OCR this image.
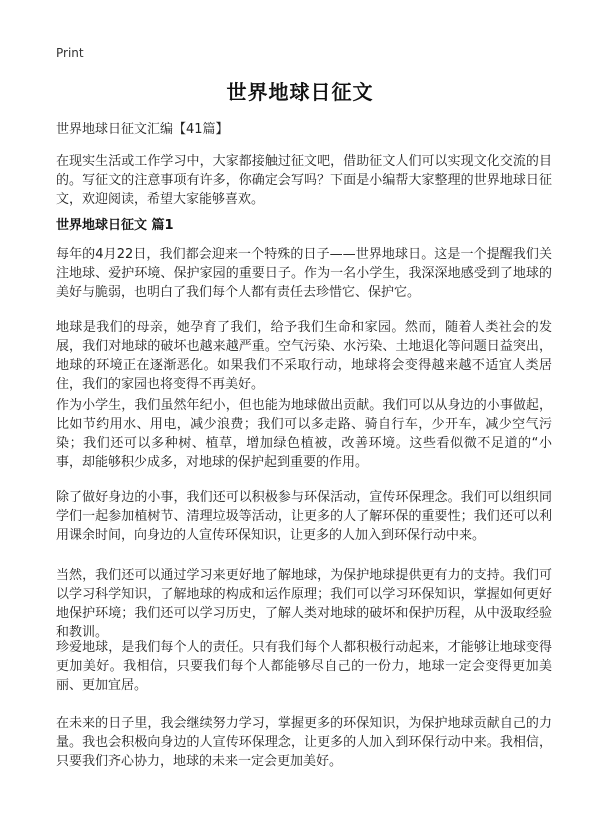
Print
世界地球日征文

世界地球日征文汇编【41篇】

在现实生活或工作学习中，大家都接触过征文吧，借助征文人们可以实现文化交流的目的。写征文的注意事项有许多，你确定会写吗？下面是小编帮大家整理的世界地球日征文，欢迎阅读，希望大家能够喜欢。

世界地球日征文 篇1

每年的4月22日，我们都会迎来一个特殊的日子——世界地球日。这是一个提醒我们关注地球、爱护环境、保护家园的重要日子。作为一名小学生，我深深地感受到了地球的美好与脆弱，也明白了我们每个人都有责任去珍惜它、保护它。

地球是我们的母亲，她孕育了我们，给予我们生命和家园。然而，随着人类社会的发展，我们对地球的破坏也越来越严重。空气污染、水污染、土地退化等问题日益突出，地球的环境正在逐渐恶化。如果我们不采取行动，地球将会变得越来越不适宜人类居住，我们的家园也将变得不再美好。

作为小学生，我们虽然年纪小，但也能为地球做出贡献。我们可以从身边的小事做起，比如节约用水、用电，减少浪费；我们可以多走路、骑自行车，少开车，减少空气污染；我们还可以多种树、植草，增加绿色植被，改善环境。这些看似微不足道的“小事，却能够积少成多，对地球的保护起到重要的作用。

除了做好身边的小事，我们还可以积极参与环保活动，宣传环保理念。我们可以组织同学们一起参加植树节、清理垃圾等活动，让更多的人了解环保的重要性；我们还可以利用课余时间，向身边的人宣传环保知识，让更多的人加入到环保行动中来。

当然，我们还可以通过学习来更好地了解地球，为保护地球提供更有力的支持。我们可以学习科学知识，了解地球的构成和运作原理；我们可以学习环保知识，掌握如何更好地保护环境；我们还可以学习历史，了解人类对地球的破坏和保护历程，从中汲取经验和教训。

珍爱地球，是我们每个人的责任。只有我们每个人都积极行动起来，才能够让地球变得更加美好。我相信，只要我们每个人都能够尽自己的一份力，地球一定会变得更加美丽、更加宜居。

在未来的日子里，我会继续努力学习，掌握更多的环保知识，为保护地球贡献自己的力量。我也会积极向身边的人宣传环保理念，让更多的人加入到环保行动中来。我相信，只要我们齐心协力，地球的未来一定会更加美好。
